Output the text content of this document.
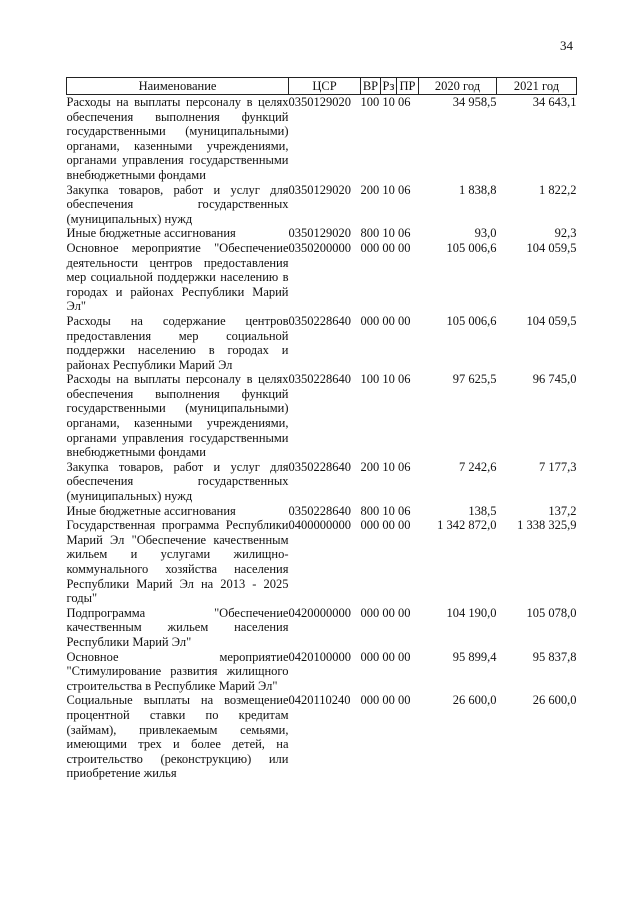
34
Наименование	ЦСР	ВР	Рз	ПР	2020 год	2021 год
Расходы на выплаты персоналу в целях обеспечения выполнения функций государственными (муниципальными) органами, казенными учреждениями, органами управления государственными внебюджетными фондами	0350129020	100 10 06			34 958,5	34 643,1
Закупка товаров, работ и услуг для обеспечения государственных (муниципальных) нужд	0350129020	200 10 06			1 838,8	1 822,2
Иные бюджетные ассигнования	0350129020	800 10 06			93,0	92,3
Основное мероприятие "Обеспечение деятельности центров предоставления мер социальной поддержки населению в городах и районах Республики Марий Эл"	0350200000	000 00 00			105 006,6	104 059,5
Расходы на содержание центров предоставления мер социальной поддержки населению в городах и районах Республики Марий Эл	0350228640	000 00 00			105 006,6	104 059,5
Расходы на выплаты персоналу в целях обеспечения выполнения функций государственными (муниципальными) органами, казенными учреждениями, органами управления государственными внебюджетными фондами	0350228640	100 10 06			97 625,5	96 745,0
Закупка товаров, работ и услуг для обеспечения государственных (муниципальных) нужд	0350228640	200 10 06			7 242,6	7 177,3
Иные бюджетные ассигнования	0350228640	800 10 06			138,5	137,2
Государственная программа Республики Марий Эл "Обеспечение качественным жильем и услугами жилищно-коммунального хозяйства населения Республики Марий Эл на 2013 - 2025 годы"	0400000000	000 00 00			1 342 872,0	1 338 325,9
Подпрограмма "Обеспечение качественным жильем населения Республики Марий Эл"	0420000000	000 00 00			104 190,0	105 078,0
Основное мероприятие "Стимулирование развития жилищного строительства в Республике Марий Эл"	0420100000	000 00 00			95 899,4	95 837,8
Социальные выплаты на возмещение процентной ставки по кредитам (займам), привлекаемым семьями, имеющими трех и более детей, на строительство (реконструкцию) или приобретение жилья	0420110240	000 00 00			26 600,0	26 600,0
